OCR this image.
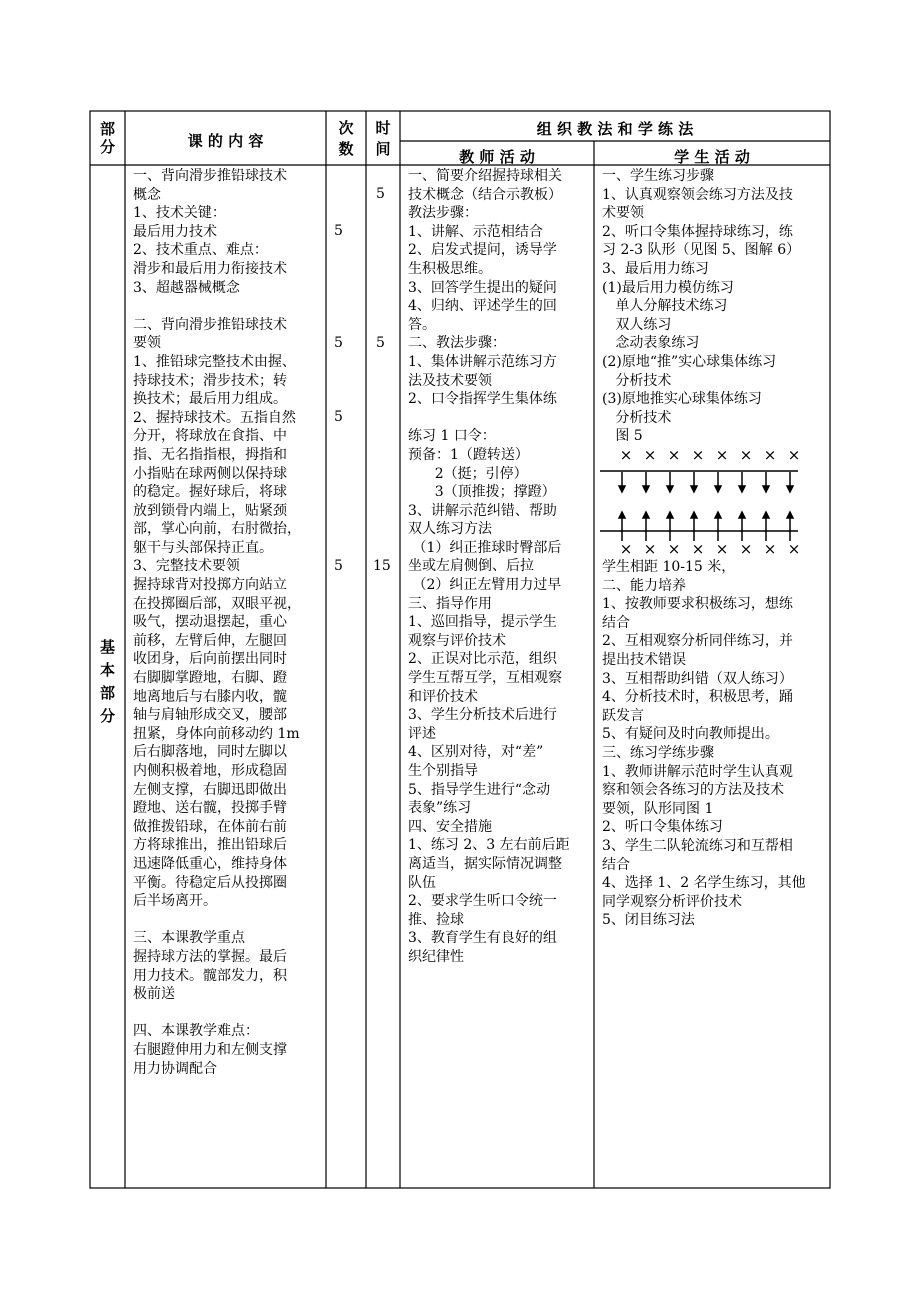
部
分	课 的 内 容
次
数
时
间
组 织 教 法 和 学 练 法
教 师 活 动	学 生 活 动
基
本
部
分
一、背向滑步推铅球技术
概念
1、技术关键：
最后用力技术
2、技术重点、难点：
滑步和最后用力衔接技术
3、超越器械概念
二、背向滑步推铅球技术
要领
1、推铅球完整技术由握、
持球技术；滑步技术；转
换技术；最后用力组成。
2、握持球技术。五指自然
分开，将球放在食指、中
指、无名指指根，拇指和
小指贴在球两侧以保持球
的稳定。握好球后，将球
放到锁骨内端上，贴紧颈
部，掌心向前，右肘微抬，
躯干与头部保持正直。
3、完整技术要领
握持球背对投掷方向站立
在投掷圈后部，双眼平视，
吸气，摆动退摆起，重心
前移，左臂后伸，左腿回
收团身，后向前摆出同时
右脚脚掌蹬地，右脚、蹬
地离地后与右膝内收，髋
轴与肩轴形成交叉，腰部
扭紧，身体向前移动约 1m
后右脚落地，同时左脚以
内侧积极着地，形成稳固
左侧支撑，右脚迅即做出
蹬地、送右髋，投掷手臂
做推拨铅球，在体前右前
方将球推出，推出铅球后
迅速降低重心，维持身体
平衡。待稳定后从投掷圈
后半场离开。
三、本课教学重点
握持球方法的掌握。最后
用力技术。髋部发力，积
极前送
四、本课教学难点：
右腿蹬伸用力和左侧支撑
用力协调配合
5
5
5
5
5
5
15
一、简要介绍握持球相关
技术概念（结合示教板）
教法步骤：
1、讲解、示范相结合
2、启发式提问，诱导学
生积极思维。
3、回答学生提出的疑问
4、归纳、评述学生的回
答。
二、教法步骤：
1、集体讲解示范练习方
法及技术要领
2、口令指挥学生集体练
练习 1 口令：
预备：1（蹬转送）
2（挺；引停）
3（顶推拨；撑蹬）
3、讲解示范纠错、帮助
双人练习方法
（1）纠正推球时臀部后
坐或左肩侧倒、后拉
（2）纠正左臂用力过早
三、指导作用
1、巡回指导，提示学生
观察与评价技术
2、正误对比示范，组织
学生互帮互学，互相观察
和评价技术
3、学生分析技术后进行
评述
4、区别对待，对“差”
生个别指导
5、指导学生进行“念动
表象”练习
四、安全措施
1、练习 2、3 左右前后距
离适当，据实际情况调整
队伍
2、要求学生听口令统一
推、捡球
3、教育学生有良好的组
织纪律性
一、学生练习步骤
1、认真观察领会练习方法及技
术要领
2、听口令集体握持球练习，练
习 2-3 队形（见图 5、图解 6）
3、最后用力练习
(1)最后用力模仿练习
单人分解技术练习
双人练习
念动表象练习
(2)原地“推”实心球集体练习
分析技术
(3)原地推实心球集体练习
分析技术
图 5
× × × × × × × ×
× × × × × × × ×
学生相距 10-15 米，
二、能力培养
1、按教师要求积极练习，想练
结合
2、互相观察分析同伴练习，并
提出技术错误
3、互相帮助纠错（双人练习）
4、分析技术时，积极思考，踊
跃发言
5、有疑问及时向教师提出。
三、练习学练步骤
1、教师讲解示范时学生认真观
察和领会各练习的方法及技术
要领，队形同图 1
2、听口令集体练习
3、学生二队轮流练习和互帮相
结合
4、选择 1、2 名学生练习，其他
同学观察分析评价技术
5、闭目练习法
